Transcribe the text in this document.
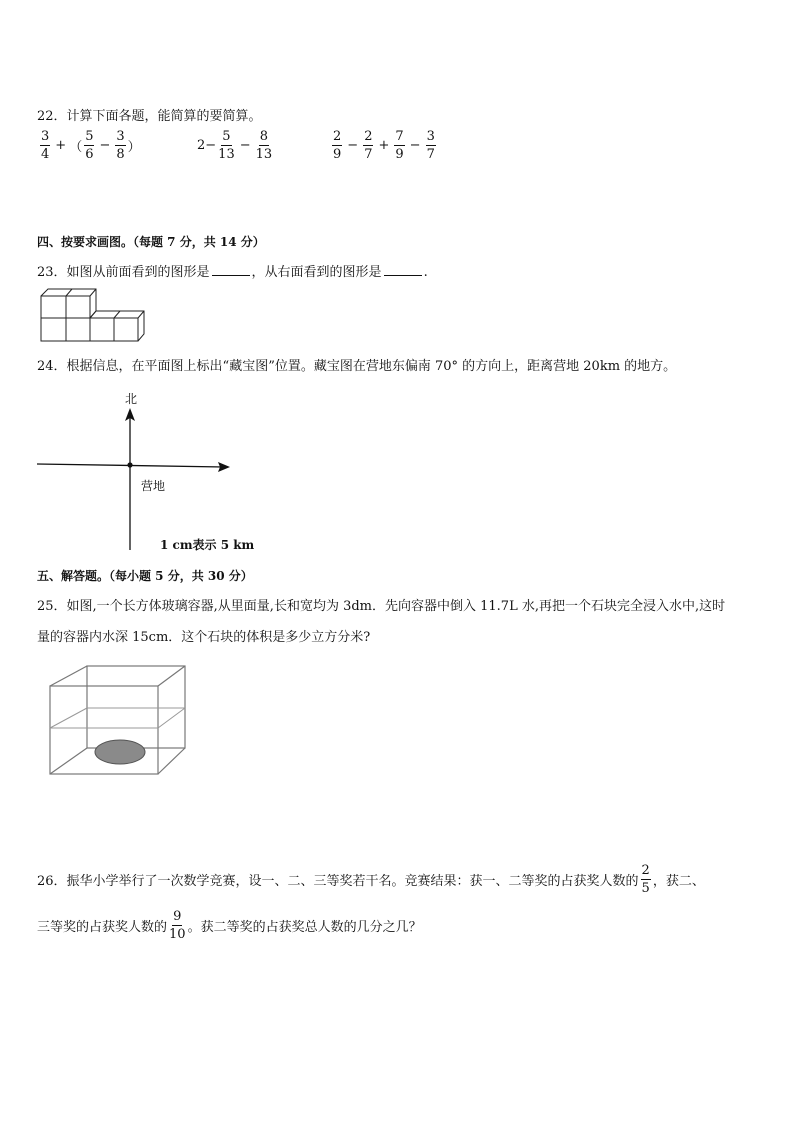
22．计算下面各题，能简算的要简算。
$\frac{3}{4}$ + （ $\frac{5}{6} - \frac{3}{8}$ ）	$2- \frac{5}{13} - \frac{8}{13}$	$\frac{2}{9} - \frac{2}{7} + \frac{7}{9} - \frac{3}{7}$
四、按要求画图。（每题 7 分，共 14 分）
23．如图从前面看到的图形是	，从右面看到的图形是	.
24．根据信息，在平面图上标出“藏宝图”位置。藏宝图在营地东偏南 70° 的方向上，距离营地 20km 的地方。
北
营地
1 cm表示 5 km
五、解答题。（每小题 5 分，共 30 分）
25．如图,一个长方体玻璃容器,从里面量,长和宽均为 3dm．先向容器中倒入 11.7L 水,再把一个石块完全浸入水中,这时
量的容器内水深 15cm．这个石块的体积是多少立方分米?
26．振华小学举行了一次数学竞赛，设一、二、三等奖若干名。竞赛结果：获一、二等奖的占获奖人数的 $\frac{2}{5}$ ，获二、
三等奖的占获奖人数的 $\frac{9}{10}$ 。获二等奖的占获奖总人数的几分之几？
